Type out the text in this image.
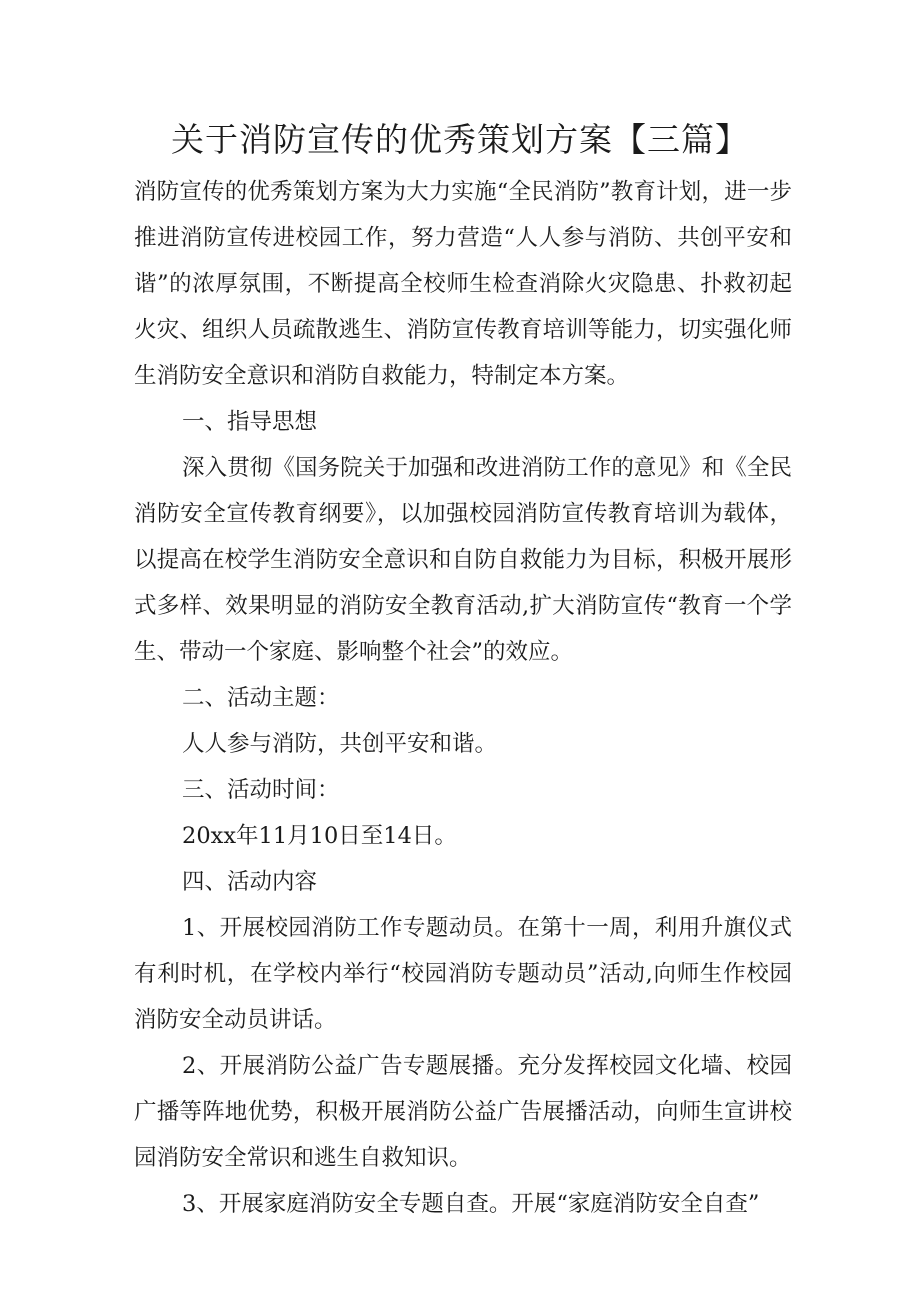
关于消防宣传的优秀策划方案【三篇】

消防宣传的优秀策划方案为大力实施“全民消防”教育计划，进一步推进消防宣传进校园工作，努力营造“人人参与消防、共创平安和谐”的浓厚氛围，不断提高全校师生检查消除火灾隐患、扑救初起火灾、组织人员疏散逃生、消防宣传教育培训等能力，切实强化师生消防安全意识和消防自救能力，特制定本方案。

一、指导思想

深入贯彻《国务院关于加强和改进消防工作的意见》和《全民消防安全宣传教育纲要》，以加强校园消防宣传教育培训为载体，以提高在校学生消防安全意识和自防自救能力为目标，积极开展形式多样、效果明显的消防安全教育活动,扩大消防宣传“教育一个学生、带动一个家庭、影响整个社会”的效应。

二、活动主题：

人人参与消防，共创平安和谐。

三、活动时间：

20xx年11月10日至14日。

四、活动内容

1、开展校园消防工作专题动员。在第十一周，利用升旗仪式有利时机，在学校内举行“校园消防专题动员”活动,向师生作校园消防安全动员讲话。

2、开展消防公益广告专题展播。充分发挥校园文化墙、校园广播等阵地优势，积极开展消防公益广告展播活动，向师生宣讲校园消防安全常识和逃生自救知识。

3、开展家庭消防安全专题自查。开展“家庭消防安全自查”
